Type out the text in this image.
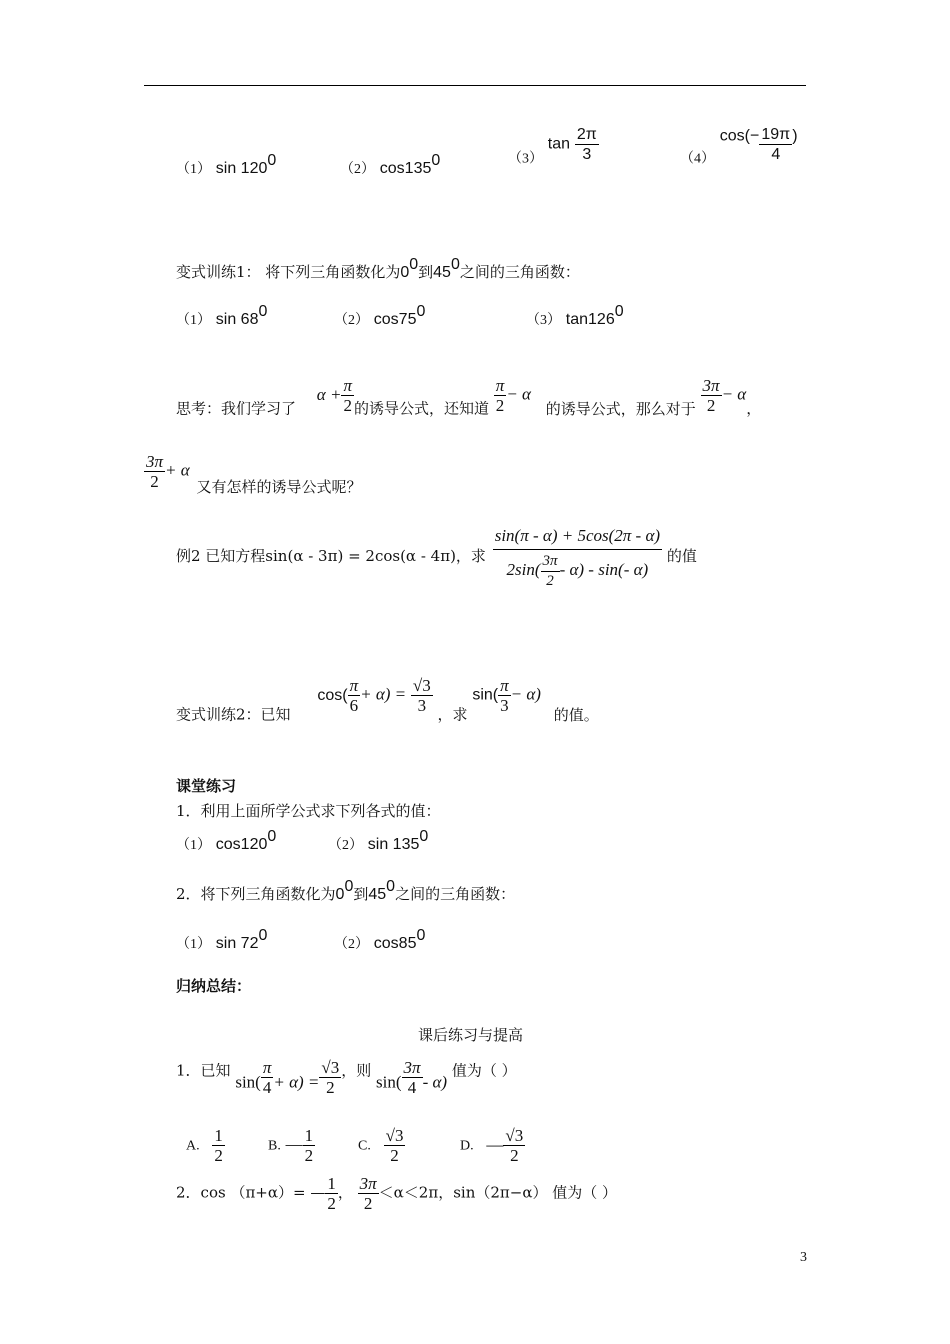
（1） $\sin 120^0$
（2） $\cos 135^0$	（3） $\tan \frac{2\pi}{3}$	（4） $\cos(- \frac{19\pi}{4}$ )
变式训练1： 将下列三角函数化为$0^0$到$45^0$之间的三角函数：
（1） $\sin 68^0$
（2） $\cos 75^0$
（3） $\tan 126^0$
思考：我们学习了 $\alpha + \frac{\pi}{2}$ 的诱导公式，还知道 $\frac{\pi}{2} - \alpha$ 的诱导公式，那么对于 $\frac{3\pi}{2} - \alpha$，
$\frac{3\pi}{2} + \alpha$ 又有怎样的诱导公式呢？
例2 已知方程sin(α - 3π) = 2cos(α - 4π)，求 $\frac{\sin(\pi - \alpha) + 5\cos(2\pi - \alpha)}{2\sin( \frac{3\pi}{2} - \alpha) - \sin(- \alpha)}$ 的值
变式训练2：已知 $\cos( \frac{\pi}{6} + \alpha) = \frac{√3}{3}$ ，求 $\sin( \frac{\pi}{3} - \alpha)$ 的值。
课堂练习
1．利用上面所学公式求下列各式的值：
（1） $\cos 120^0$
（2） $\sin 135^0$
2．将下列三角函数化为$0^0$到$45^0$之间的三角函数：
（1） $\sin 72^0$
（2） $\cos 85^0$
归纳总结：
课后练习与提高
1．已知 $\sin( \frac{\pi}{4} + \alpha) = \frac{√3}{2}$ ，则 $\sin( \frac{3\pi}{4} - \alpha)$ 值为（ ）
A. $\frac{1}{2}$	B. — $\frac{1}{2}$	C. $\frac{√3}{2}$	D. — $\frac{√3}{2}$
2．cos （π+α）= — $\frac{1}{2}$ ， $\frac{3\pi}{2} <\alpha<2\pi$，sin（2π−α） 值为（ ）
3
